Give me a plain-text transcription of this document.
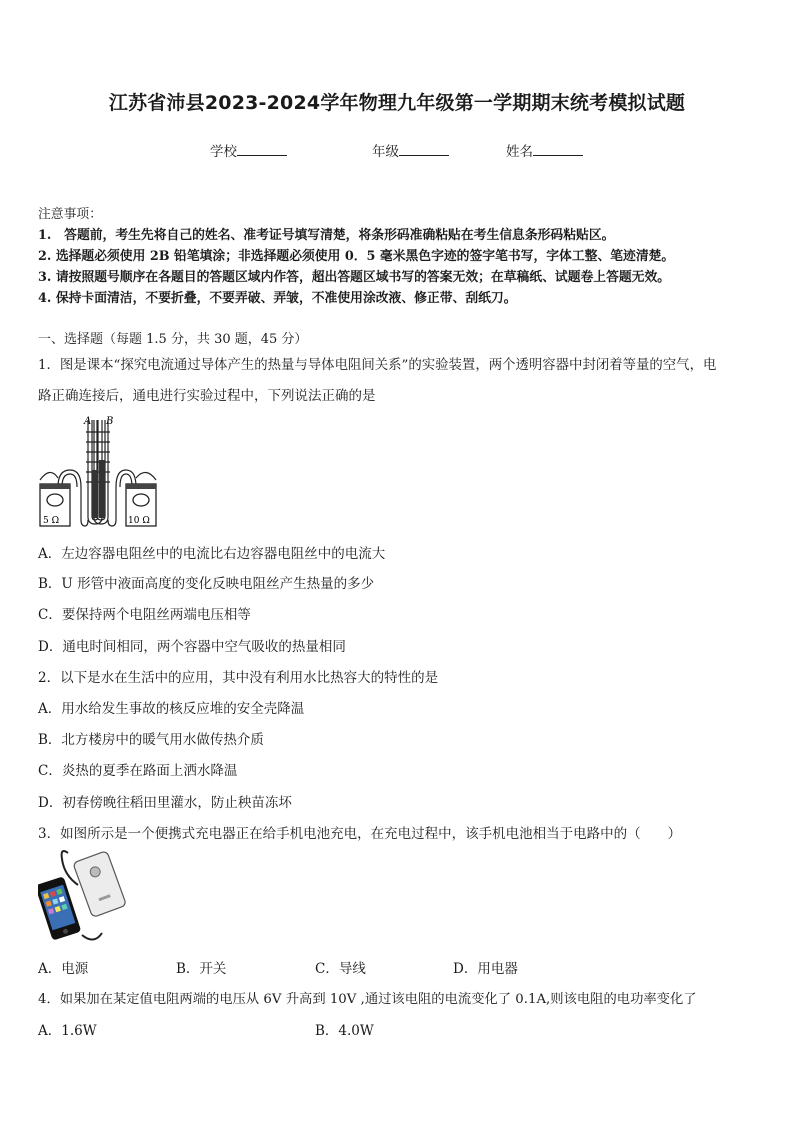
江苏省沛县2023-2024学年物理九年级第一学期期末统考模拟试题
学校	年级	姓名
注意事项：
1.　答题前，考生先将自己的姓名、准考证号填写清楚，将条形码准确粘贴在考生信息条形码粘贴区。
2. 选择题必须使用 2B 铅笔填涂；非选择题必须使用 0．5 毫米黑色字迹的签字笔书写，字体工整、笔迹清楚。
3. 请按照题号顺序在各题目的答题区域内作答，超出答题区域书写的答案无效；在草稿纸、试题卷上答题无效。
4. 保持卡面清洁，不要折叠，不要弄破、弄皱，不准使用涂改液、修正带、刮纸刀。
一、选择题（每题 1.5 分，共 30 题，45 分）
1．图是课本“探究电流通过导体产生的热量与导体电阻间关系”的实验装置，两个透明容器中封闭着等量的空气，电
路正确连接后，通电进行实验过程中，下列说法正确的是
A B
5 Ω	10 Ω
A．左边容器电阻丝中的电流比右边容器电阻丝中的电流大
B．U 形管中液面高度的变化反映电阻丝产生热量的多少
C．要保持两个电阻丝两端电压相等
D．通电时间相同，两个容器中空气吸收的热量相同
2．以下是水在生活中的应用，其中没有利用水比热容大的特性的是
A．用水给发生事故的核反应堆的安全壳降温
B．北方楼房中的暖气用水做传热介质
C．炎热的夏季在路面上洒水降温
D．初春傍晚往稻田里灌水，防止秧苗冻坏
3．如图所示是一个便携式充电器正在给手机电池充电，在充电过程中，该手机电池相当于电路中的（　　）
A．电源	B．开关	C．导线	D．用电器
4．如果加在某定值电阻两端的电压从 6V 升高到 10V ,通过该电阻的电流变化了 0.1A,则该电阻的电功率变化了
A．1.6W	B．4.0W
